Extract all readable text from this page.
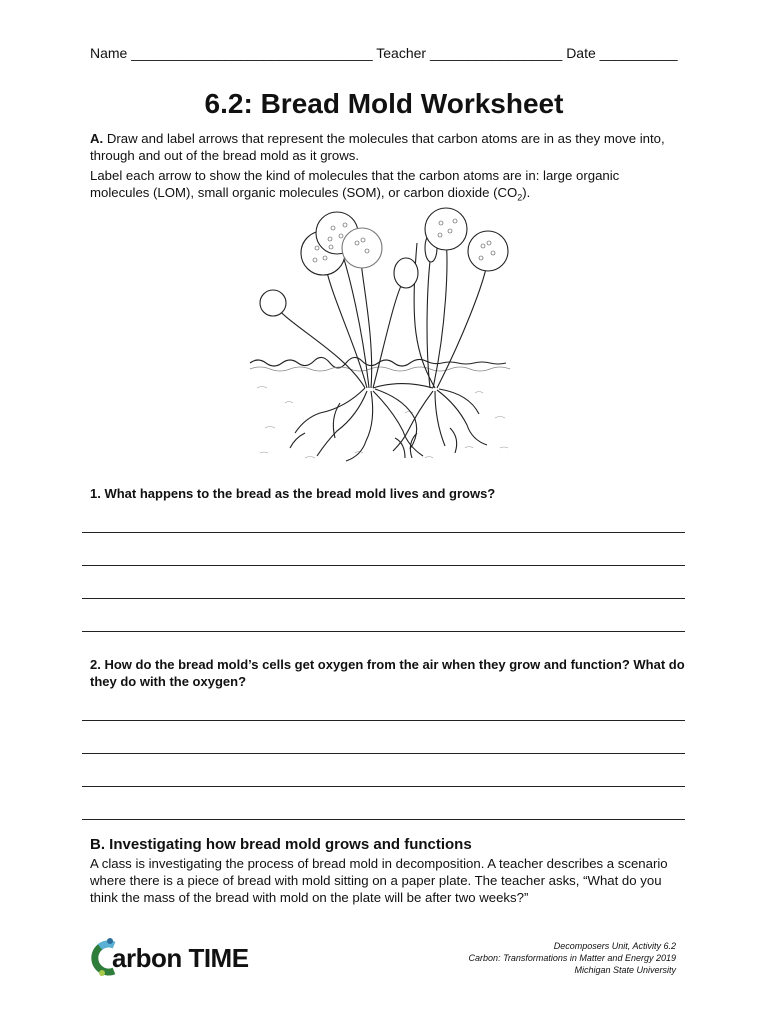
Name _______________________________ Teacher _________________ Date __________
6.2: Bread Mold Worksheet
A. Draw and label arrows that represent the molecules that carbon atoms are in as they move into, through and out of the bread mold as it grows.
Label each arrow to show the kind of molecules that the carbon atoms are in: large organic molecules (LOM), small organic molecules (SOM), or carbon dioxide $(CO_2)$.
1. What happens to the bread as the bread mold lives and grows?
2. How do the bread mold’s cells get oxygen from the air when they grow and function? What do they do with the oxygen?
B. Investigating how bread mold grows and functions
A class is investigating the process of bread mold in decomposition. A teacher describes a scenario where there is a piece of bread with mold sitting on a paper plate. The teacher asks, “What do you think the mass of the bread with mold on the plate will be after two weeks?”
arbon TIME	Decomposers Unit, Activity 6.2
Carbon: Transformations in Matter and Energy 2019
Michigan State University
